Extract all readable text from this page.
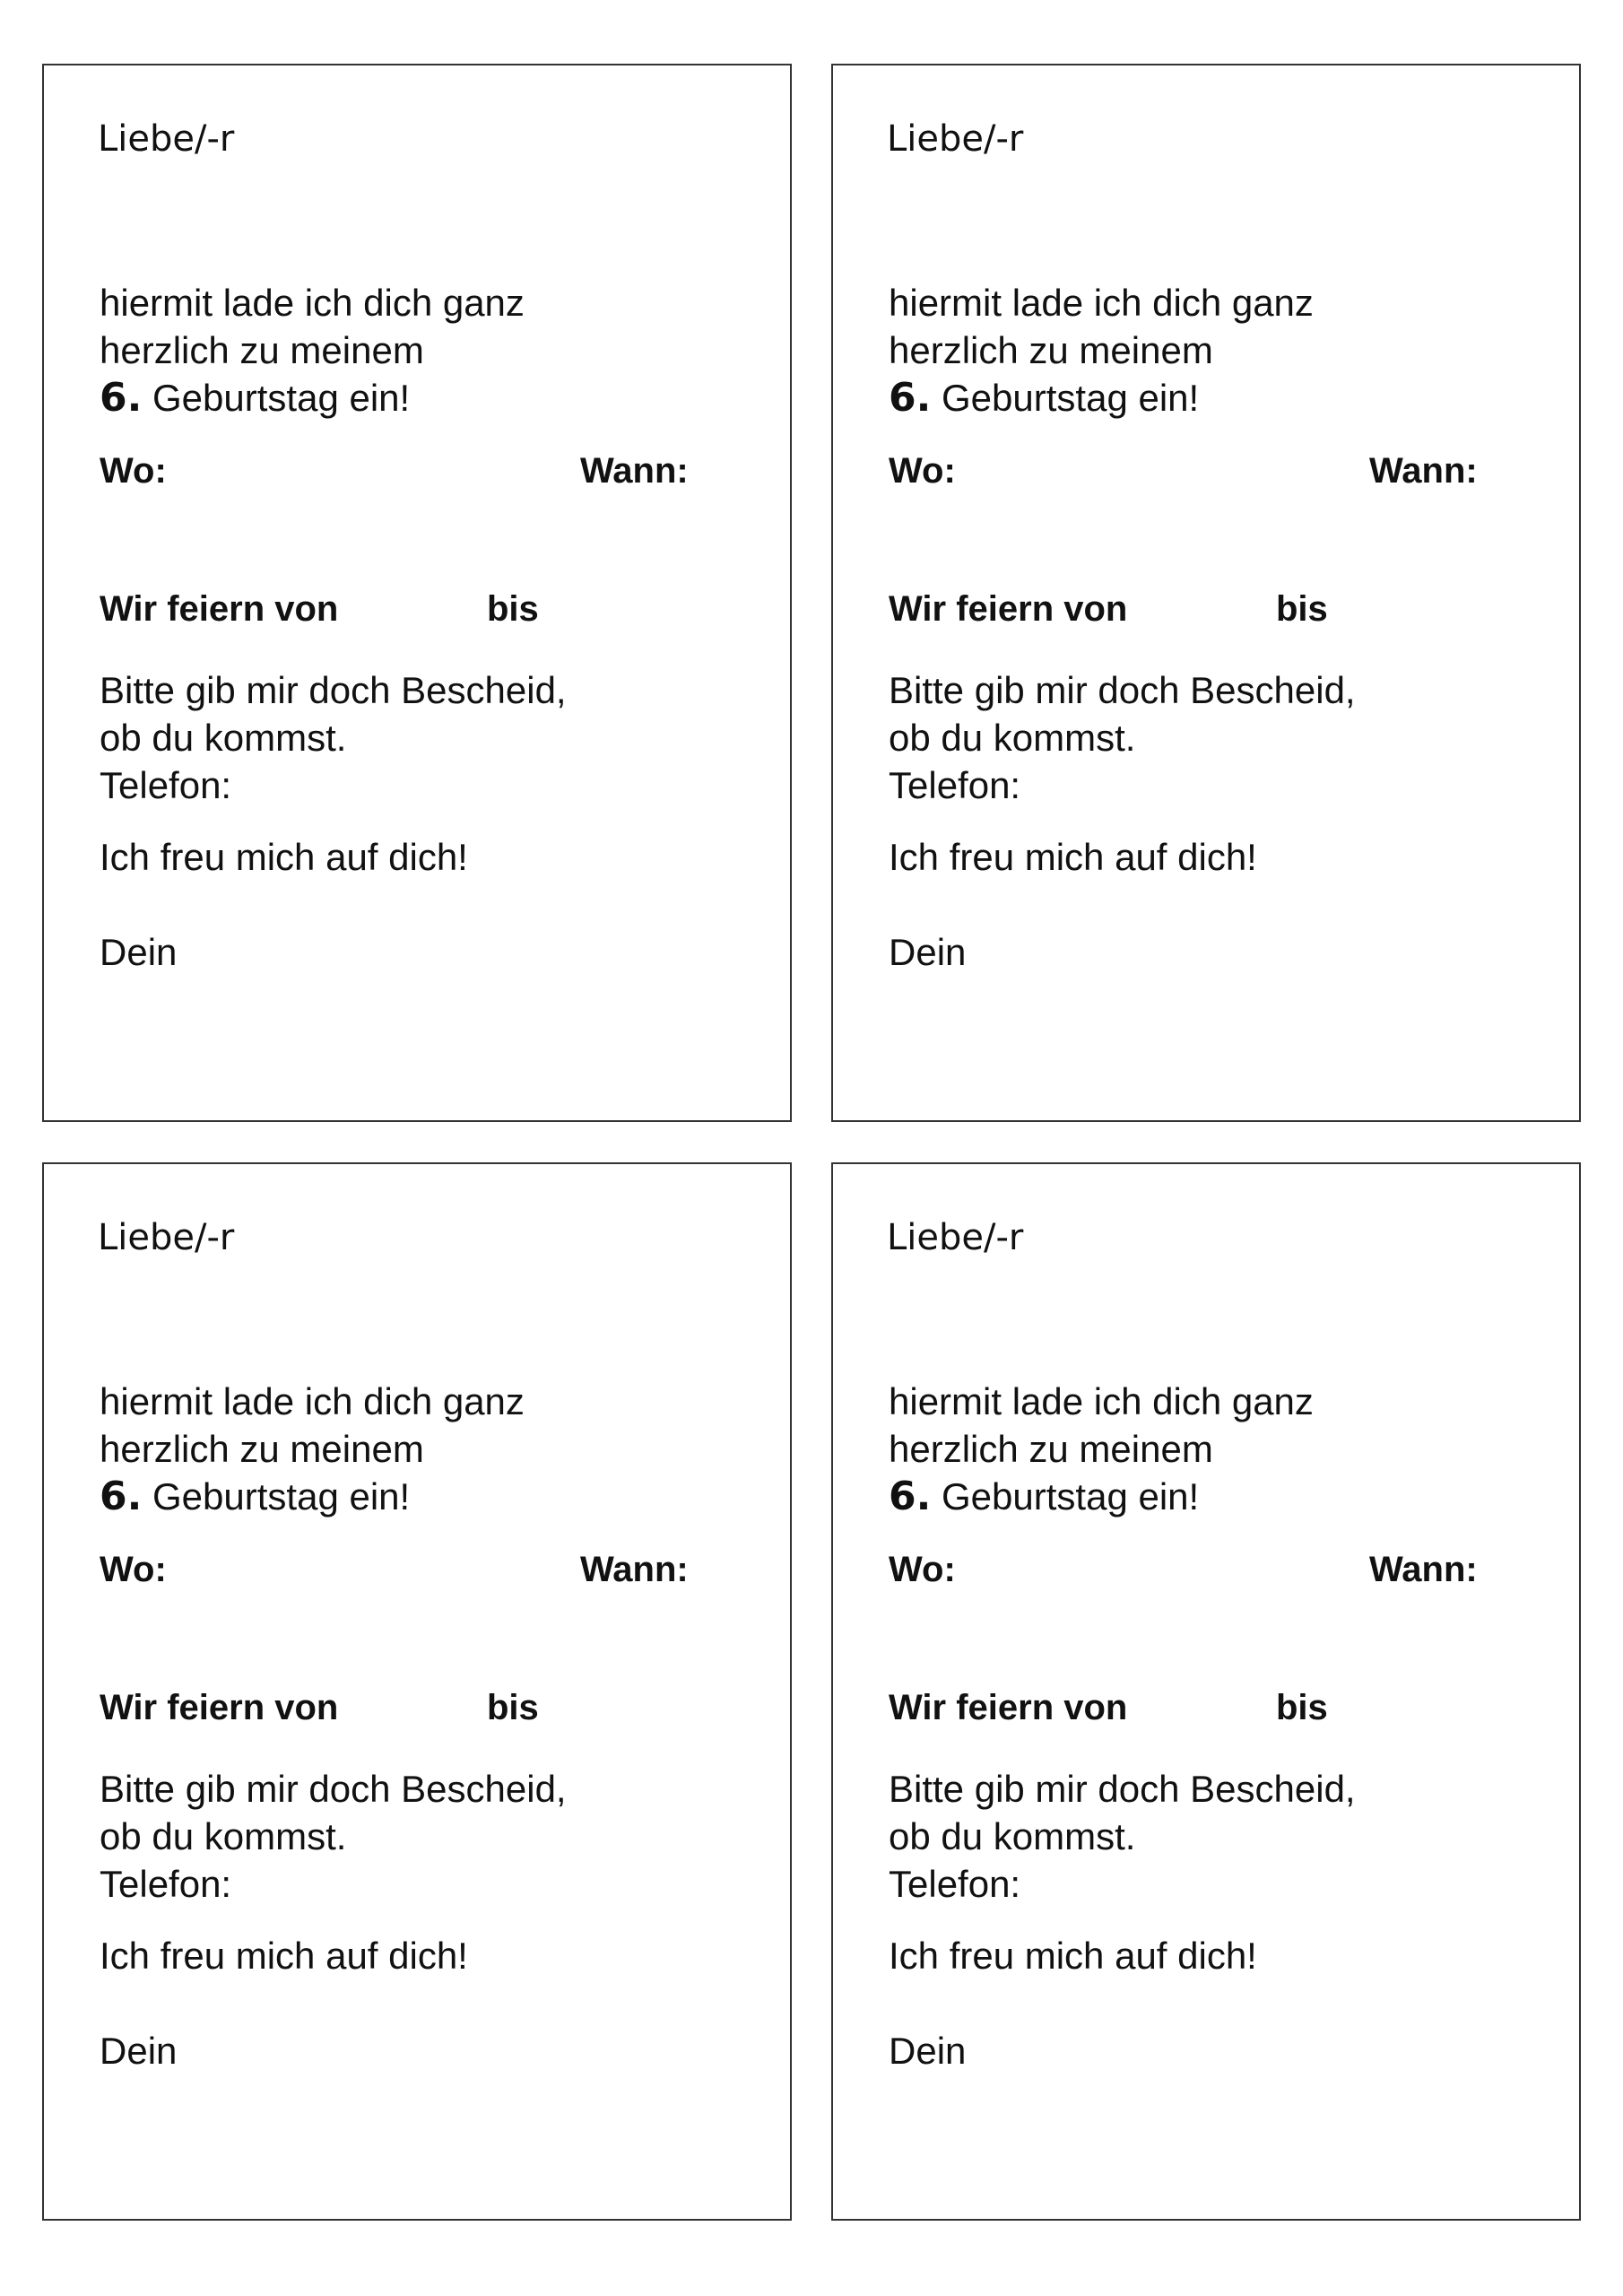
Liebe/-r

hiermit lade ich dich ganz
herzlich zu meinem
6. Geburtstag ein!

Wo:	Wann:

Wir feiern von	bis

Bitte gib mir doch Bescheid,
ob du kommst.
Telefon:

Ich freu mich auf dich!

Dein

Liebe/-r

hiermit lade ich dich ganz
herzlich zu meinem
6. Geburtstag ein!

Wo:	Wann:

Wir feiern von	bis

Bitte gib mir doch Bescheid,
ob du kommst.
Telefon:

Ich freu mich auf dich!

Dein

Liebe/-r

hiermit lade ich dich ganz
herzlich zu meinem
6. Geburtstag ein!

Wo:	Wann:

Wir feiern von	bis

Bitte gib mir doch Bescheid,
ob du kommst.
Telefon:

Ich freu mich auf dich!

Dein

Liebe/-r

hiermit lade ich dich ganz
herzlich zu meinem
6. Geburtstag ein!

Wo:	Wann:

Wir feiern von	bis

Bitte gib mir doch Bescheid,
ob du kommst.
Telefon:

Ich freu mich auf dich!

Dein
